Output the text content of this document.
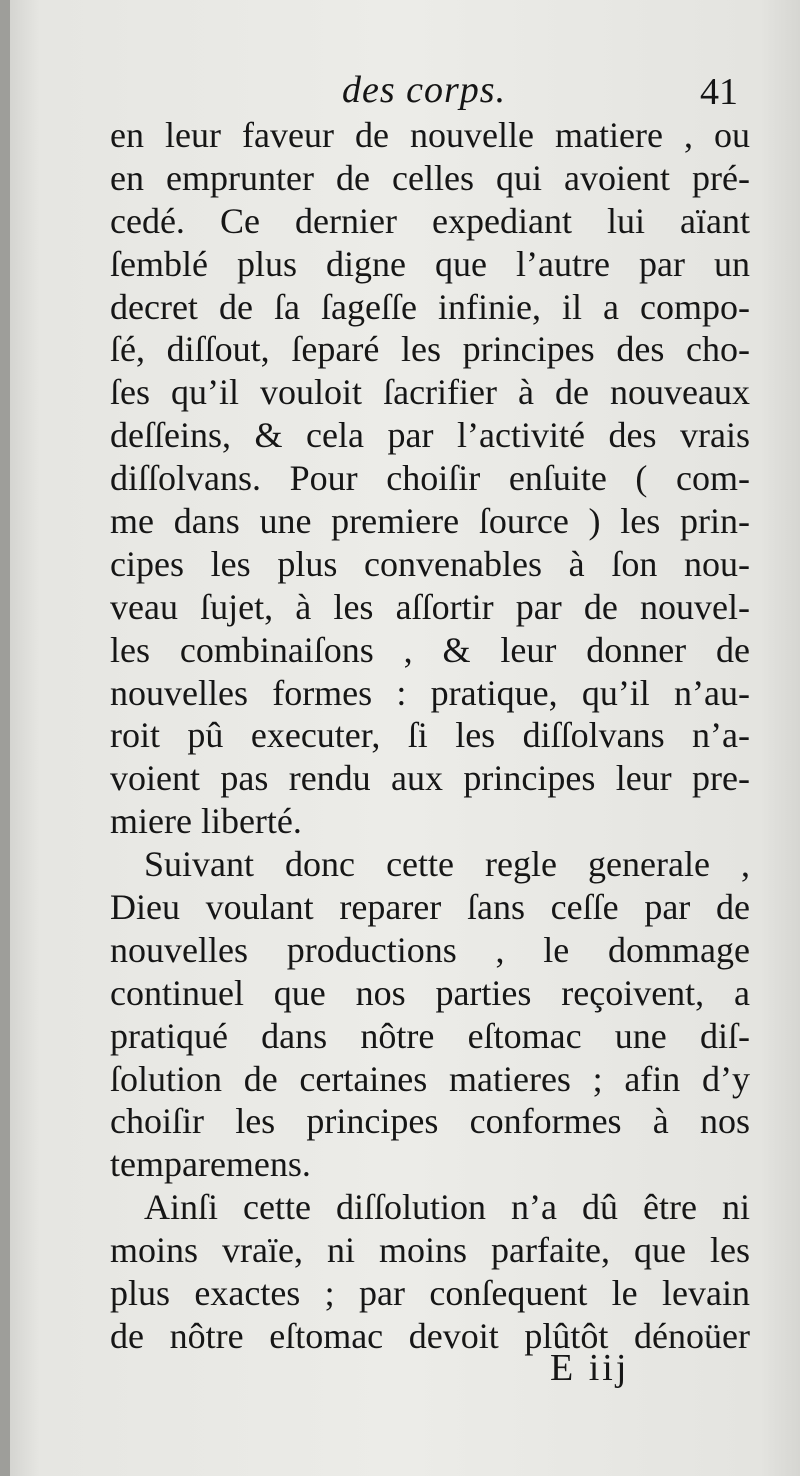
des corps.	41
en leur faveur de nouvelle matiere , ou
en emprunter de celles qui avoient pré-
cedé. Ce dernier expediant lui aïant
ſemblé plus digne que l’autre par un
decret de ſa ſageſſe infinie, il a compo-
ſé, diſſout, ſeparé les principes des cho-
ſes qu’il vouloit ſacrifier à de nouveaux
deſſeins, & cela par l’activité des vrais
diſſolvans. Pour choiſir enſuite ( com-
me dans une premiere ſource ) les prin-
cipes les plus convenables à ſon nou-
veau ſujet, à les aſſortir par de nouvel-
les combinaiſons , & leur donner de
nouvelles formes : pratique, qu’il n’au-
roit pû executer, ſi les diſſolvans n’a-
voient pas rendu aux principes leur pre-
miere liberté.
Suivant donc cette regle generale ,
Dieu voulant reparer ſans ceſſe par de
nouvelles productions , le dommage
continuel que nos parties reçoivent, a
pratiqué dans nôtre eſtomac une diſ-
ſolution de certaines matieres ; afin d’y
choiſir les principes conformes à nos
temparemens.
Ainſi cette diſſolution n’a dû être ni
moins vraïe, ni moins parfaite, que les
plus exactes ; par conſequent le levain
de nôtre eſtomac devoit plûtôt dénoüer
E iij
